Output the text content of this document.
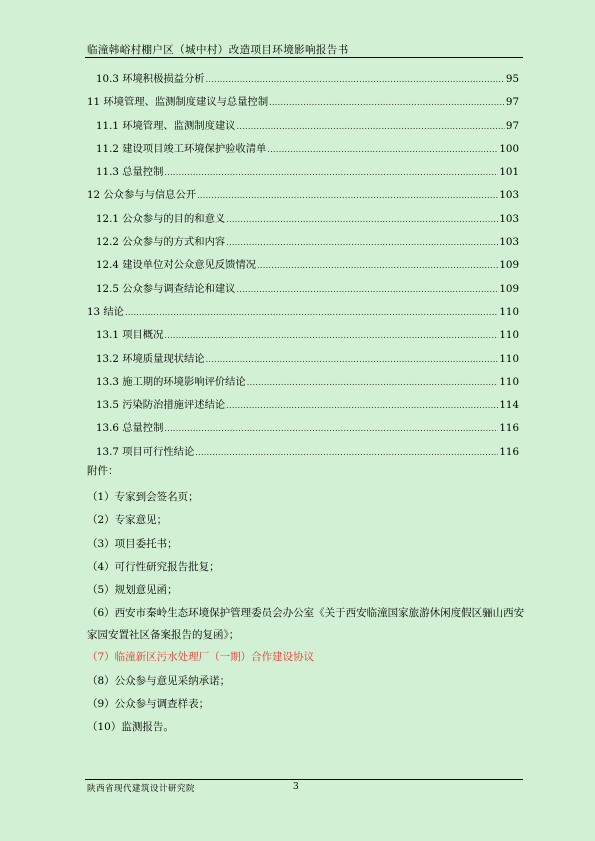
临潼韩峪村棚户区（城中村）改造项目环境影响报告书
10.3 环境积极损益分析 .....	95
11 环境管理、监测制度建议与总量控制 .....	97
11.1 环境管理、监测制度建议 .....	97
11.2 建设项目竣工环境保护验收清单 .....	100
11.3 总量控制 .....	101
12 公众参与与信息公开 .....	103
12.1 公众参与的目的和意义 .....	103
12.2 公众参与的方式和内容 .....	103
12.4 建设单位对公众意见反馈情况 .....	109
12.5 公众参与调查结论和建议 .....	109
13 结论 .....	110
13.1 项目概况 .....	110
13.2 环境质量现状结论 .....	110
13.3 施工期的环境影响评价结论 .....	110
13.5 污染防治措施评述结论 .....	114
13.6 总量控制 .....	116
13.7 项目可行性结论 .....	116
附件：
（1）专家到会签名页；
（2）专家意见；
（3）项目委托书；
（4）可行性研究报告批复；
（5）规划意见函；
（6）西安市秦岭生态环境保护管理委员会办公室《关于西安临潼国家旅游休闲度假区骊山西安家园安置社区备案报告的复函》；
（7）临潼新区污水处理厂（一期）合作建设协议
（8）公众参与意见采纳承诺；
（9）公众参与调查样表；
（10）监测报告。
陕西省现代建筑设计研究院	3
